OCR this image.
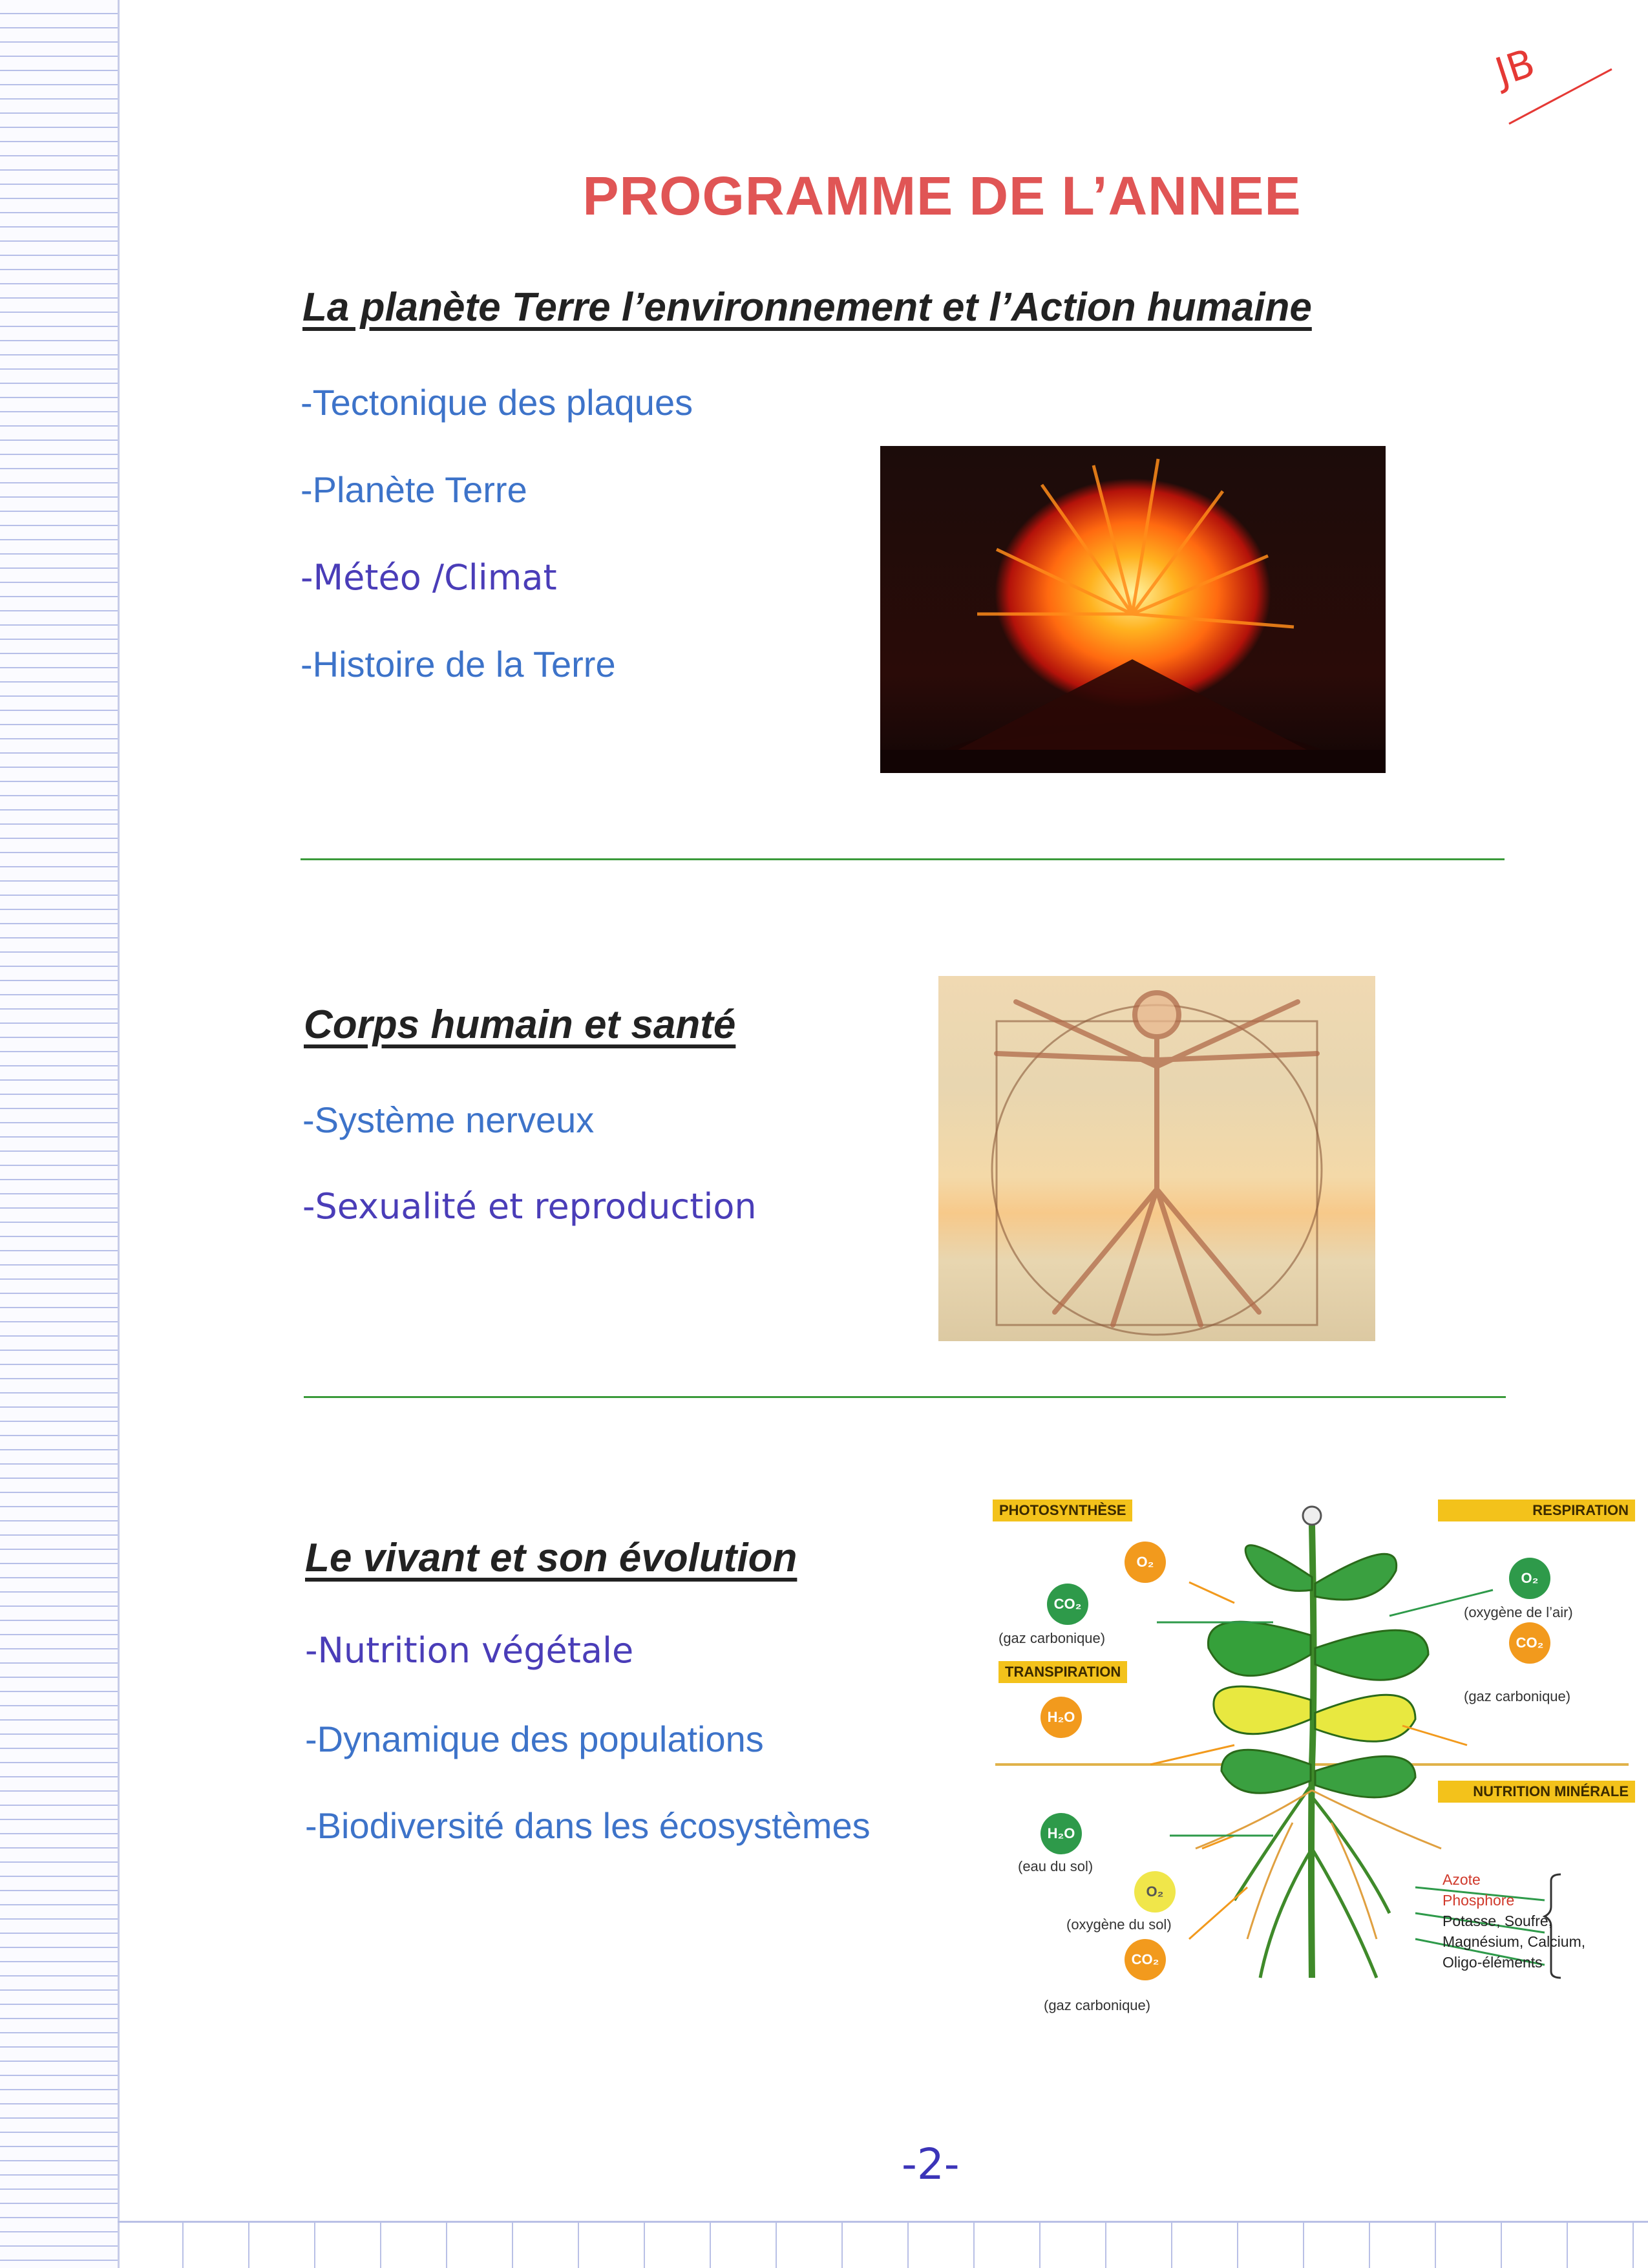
JB
PROGRAMME DE L’ANNEE
La planète Terre l’environnement et l’Action humaine
-Tectonique des plaques
-Planète Terre
-Météo /Climat
-Histoire de la Terre
Corps humain et santé
-Système nerveux
-Sexualité et reproduction
Le vivant et son évolution
-Nutrition végétale
-Dynamique des populations
-Biodiversité dans les écosystèmes
PHOTOSYNTHÈSE	RESPIRATION
TRANSPIRATION
NUTRITION MINÉRALE
O₂
CO₂
(gaz carbonique)
O₂
(oxygène de l’air)
CO₂
(gaz carbonique)
H₂O
H₂O
(eau du sol)
O₂
(oxygène du sol)
CO₂
(gaz carbonique)
Azote
Phosphore
Potasse, Soufre,
Magnésium, Calcium,
Oligo-éléments
-2-
